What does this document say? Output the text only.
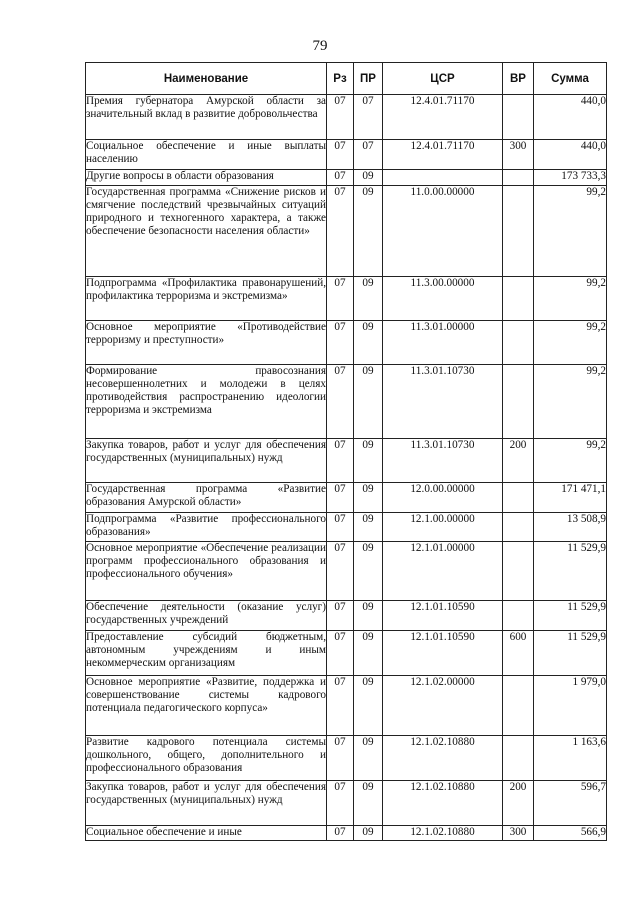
79
Наименование	Рз	ПР	ЦСР	ВР	Сумма
Премия губернатора Амурской области за значительный вклад в развитие добровольчества	07	07	12.4.01.71170		440,0
Социальное обеспечение и иные выплаты населению	07	07	12.4.01.71170	300	440,0
Другие вопросы в области образования	07	09			173 733,3
Государственная программа «Снижение рисков и смягчение последствий чрезвычайных ситуаций природного и техногенного характера, а также обеспечение безопасности населения области»	07	09	11.0.00.00000		99,2
Подпрограмма «Профилактика правонарушений, профилактика терроризма и экстремизма»	07	09	11.3.00.00000		99,2
Основное мероприятие «Противодействие терроризму и преступности»	07	09	11.3.01.00000		99,2
Формирование правосознания несовершеннолетних и молодежи в целях противодействия распространению идеологии терроризма и экстремизма	07	09	11.3.01.10730		99,2
Закупка товаров, работ и услуг для обеспечения государственных (муниципальных) нужд	07	09	11.3.01.10730	200	99,2
Государственная программа «Развитие образования Амурской области»	07	09	12.0.00.00000		171 471,1
Подпрограмма «Развитие профессионального образования»	07	09	12.1.00.00000		13 508,9
Основное мероприятие «Обеспечение реализации программ профессионального образования и профессионального обучения»	07	09	12.1.01.00000		11 529,9
Обеспечение деятельности (оказание услуг) государственных учреждений	07	09	12.1.01.10590		11 529,9
Предоставление субсидий бюджетным, автономным учреждениям и иным некоммерческим организациям	07	09	12.1.01.10590	600	11 529,9
Основное мероприятие «Развитие, поддержка и совершенствование системы кадрового потенциала педагогического корпуса»	07	09	12.1.02.00000		1 979,0
Развитие кадрового потенциала системы дошкольного, общего, дополнительного и профессионального образования	07	09	12.1.02.10880		1 163,6
Закупка товаров, работ и услуг для обеспечения государственных (муниципальных) нужд	07	09	12.1.02.10880	200	596,7
Социальное обеспечение и иные	07	09	12.1.02.10880	300	566,9
